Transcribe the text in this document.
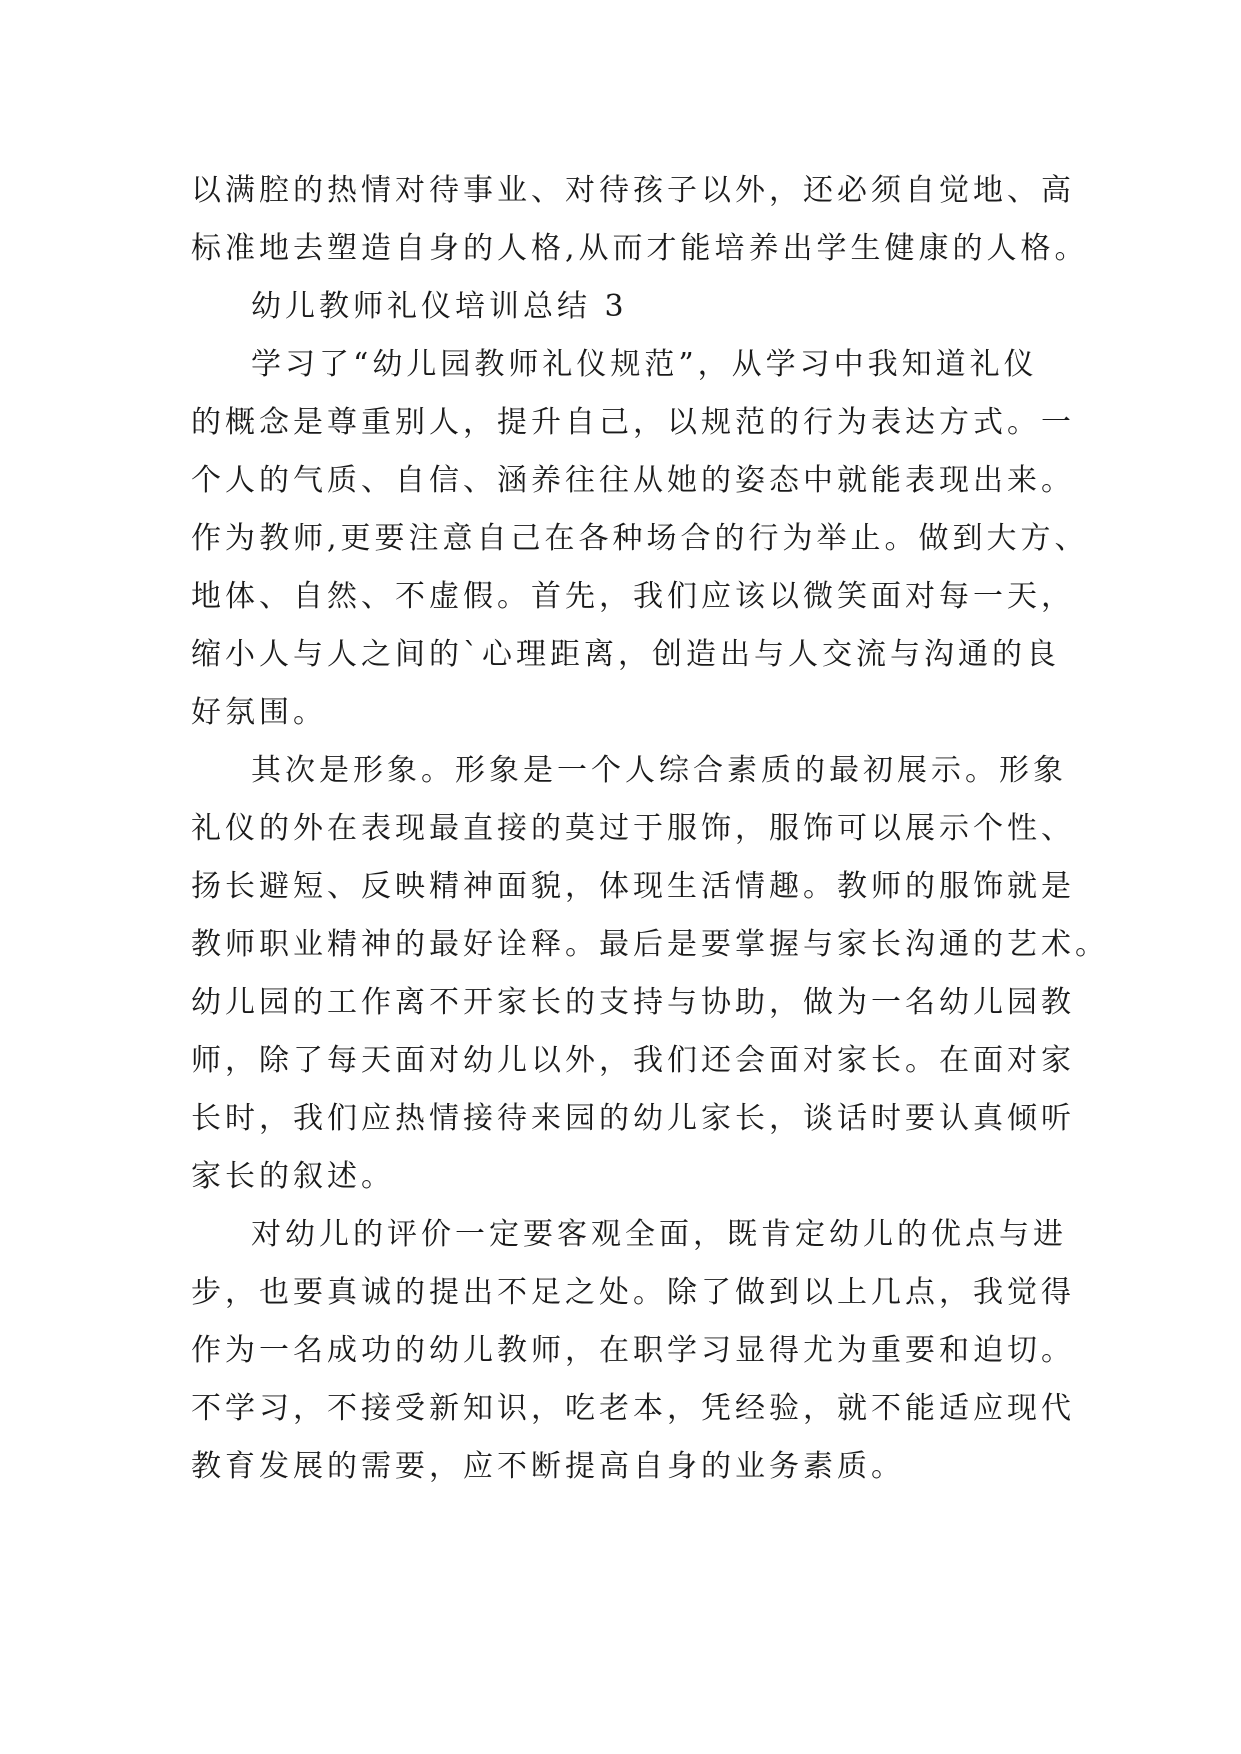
以满腔的热情对待事业、对待孩子以外，还必须自觉地、高
标准地去塑造自身的人格,从而才能培养出学生健康的人格。
幼儿教师礼仪培训总结 3
学习了“幼儿园教师礼仪规范”，从学习中我知道礼仪
的概念是尊重别人，提升自己，以规范的行为表达方式。一
个人的气质、自信、涵养往往从她的姿态中就能表现出来。
作为教师,更要注意自己在各种场合的行为举止。做到大方、
地体、自然、不虚假。首先，我们应该以微笑面对每一天，
缩小人与人之间的`心理距离，创造出与人交流与沟通的良
好氛围。
其次是形象。形象是一个人综合素质的最初展示。形象
礼仪的外在表现最直接的莫过于服饰，服饰可以展示个性、
扬长避短、反映精神面貌，体现生活情趣。教师的服饰就是
教师职业精神的最好诠释。最后是要掌握与家长沟通的艺术。
幼儿园的工作离不开家长的支持与协助，做为一名幼儿园教
师，除了每天面对幼儿以外，我们还会面对家长。在面对家
长时，我们应热情接待来园的幼儿家长，谈话时要认真倾听
家长的叙述。
对幼儿的评价一定要客观全面，既肯定幼儿的优点与进
步，也要真诚的提出不足之处。除了做到以上几点，我觉得
作为一名成功的幼儿教师，在职学习显得尤为重要和迫切。
不学习，不接受新知识，吃老本，凭经验，就不能适应现代
教育发展的需要，应不断提高自身的业务素质。
